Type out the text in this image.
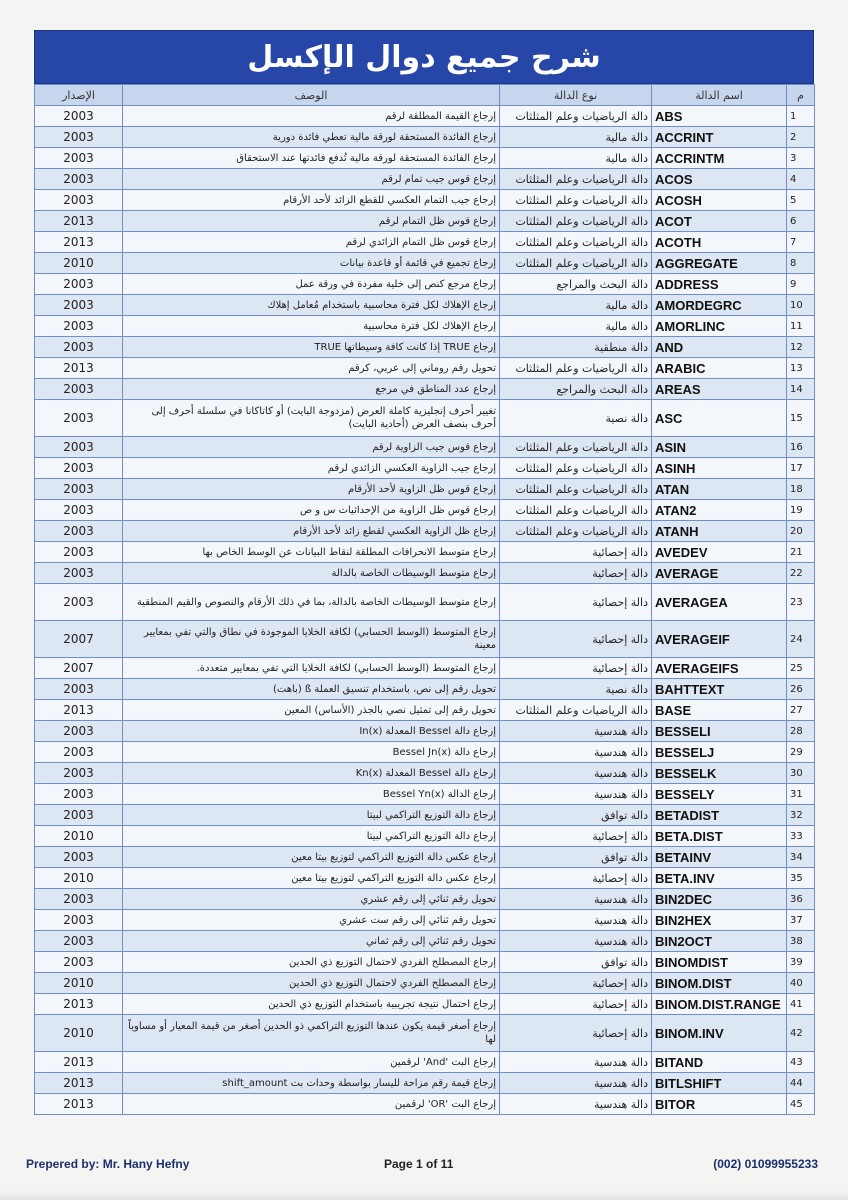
شرح جميع دوال الإكسل
م	اسم الدالة	نوع الدالة	الوصف	الإصدار
1	ABS	دالة الرياضيات وعلم المثلثات	إرجاع القيمة المطلقة لرقم	2003
2	ACCRINT	دالة مالية	إرجاع الفائدة المستحقة لورقة مالية تعطي فائدة دورية	2003
3	ACCRINTM	دالة مالية	إرجاع الفائدة المستحقة لورقة مالية تُدفع فائدتها عند الاستحقاق	2003
4	ACOS	دالة الرياضيات وعلم المثلثات	إرجاع قوس جيب تمام لرقم	2003
5	ACOSH	دالة الرياضيات وعلم المثلثات	إرجاع جيب التمام العكسي للقطع الزائد لأحد الأرقام	2003
6	ACOT	دالة الرياضيات وعلم المثلثات	إرجاع قوس ظل التمام لرقم	2013
7	ACOTH	دالة الرياضيات وعلم المثلثات	إرجاع قوس ظل التمام الزائدي لرقم	2013
8	AGGREGATE	دالة الرياضيات وعلم المثلثات	إرجاع تجميع في قائمة أو قاعدة بيانات	2010
9	ADDRESS	دالة البحث والمراجع	إرجاع مرجع كنص إلى خلية مفردة في ورقة عمل	2003
10	AMORDEGRC	دالة مالية	إرجاع الإهلاك لكل فترة محاسبية باستخدام مُعامل إهلاك	2003
11	AMORLINC	دالة مالية	إرجاع الإهلاك لكل فترة محاسبية	2003
12	AND	دالة منطقية	إرجاع TRUE إذا كانت كافة وسيطاتها TRUE	2003
13	ARABIC	دالة الرياضيات وعلم المثلثات	تحويل رقم روماني إلى عربي، كرقم	2013
14	AREAS	دالة البحث والمراجع	إرجاع عدد المناطق في مرجع	2003
15	ASC	دالة نصية	تغيير أحرف إنجليزية كاملة العرض (مزدوجة البايت) أو كاتاكانا في سلسلة أحرف إلى أحرف بنصف العرض (أحادية البايت)	2003
16	ASIN	دالة الرياضيات وعلم المثلثات	إرجاع قوس جيب الزاوية لرقم	2003
17	ASINH	دالة الرياضيات وعلم المثلثات	إرجاع جيب الزاوية العكسي الزائدي لرقم	2003
18	ATAN	دالة الرياضيات وعلم المثلثات	إرجاع قوس ظل الزاوية لأحد الأرقام	2003
19	ATAN2	دالة الرياضيات وعلم المثلثات	إرجاع قوس ظل الزاوية من الإحداثيات س و ص	2003
20	ATANH	دالة الرياضيات وعلم المثلثات	إرجاع ظل الزاوية العكسي لقطع زائد لأحد الأرقام	2003
21	AVEDEV	دالة إحصائية	إرجاع متوسط الانحرافات المطلقة لنقاط البيانات عن الوسط الخاص بها	2003
22	AVERAGE	دالة إحصائية	إرجاع متوسط الوسيطات الخاصة بالدالة	2003
23	AVERAGEA	دالة إحصائية	إرجاع متوسط الوسيطات الخاصة بالدالة، بما في ذلك الأرقام والنصوص والقيم المنطقية	2003
24	AVERAGEIF	دالة إحصائية	إرجاع المتوسط (الوسط الحسابي) لكافة الخلايا الموجودة في نطاق والتي تفي بمعايير معينة	2007
25	AVERAGEIFS	دالة إحصائية	إرجاع المتوسط (الوسط الحسابي) لكافة الخلايا التي تفي بمعايير متعددة.	2007
26	BAHTTEXT	دالة نصية	تحويل رقم إلى نص، باستخدام تنسيق العملة ß (باهت)	2003
27	BASE	دالة الرياضيات وعلم المثلثات	تحويل رقم إلى تمثيل نصي بالجذر (الأساس) المعين	2013
28	BESSELI	دالة هندسية	إرجاع دالة Bessel المعدلة In(x)	2003
29	BESSELJ	دالة هندسية	إرجاع دالة Bessel Jn(x)	2003
30	BESSELK	دالة هندسية	إرجاع دالة Bessel المعدلة Kn(x)	2003
31	BESSELY	دالة هندسية	إرجاع الدالة Bessel Yn(x)	2003
32	BETADIST	دالة توافق	إرجاع دالة التوزيع التراكمي لبيتا	2003
33	BETA.DIST	دالة إحصائية	إرجاع دالة التوزيع التراكمي لبيتا	2010
34	BETAINV	دالة توافق	إرجاع عكس دالة التوزيع التراكمي لتوزيع بيتا معين	2003
35	BETA.INV	دالة إحصائية	إرجاع عكس دالة التوزيع التراكمي لتوزيع بيتا معين	2010
36	BIN2DEC	دالة هندسية	تحويل رقم ثنائي إلى رقم عشري	2003
37	BIN2HEX	دالة هندسية	تحويل رقم ثنائي إلى رقم ست عشري	2003
38	BIN2OCT	دالة هندسية	تحويل رقم ثنائي إلى رقم ثماني	2003
39	BINOMDIST	دالة توافق	إرجاع المصطلح الفردي لاحتمال التوزيع ذي الحدين	2003
40	BINOM.DIST	دالة إحصائية	إرجاع المصطلح الفردي لاحتمال التوزيع ذي الحدين	2010
41	BINOM.DIST.RANGE	دالة إحصائية	إرجاع احتمال نتيجة تجريبية باستخدام التوزيع ذي الحدين	2013
42	BINOM.INV	دالة إحصائية	إرجاع أصغر قيمة يكون عندها التوزيع التراكمي ذو الحدين أصغر من قيمة المعيار أو مساوياً لها	2010
43	BITAND	دالة هندسية	إرجاع البت 'And' لرقمين	2013
44	BITLSHIFT	دالة هندسية	إرجاع قيمة رقم مزاحة لليسار بواسطة وحدات بت shift_amount	2013
45	BITOR	دالة هندسية	إرجاع البت 'OR' لرقمين	2013
Prepered by: Mr. Hany Hefny	Page 1 of 11	(002) 01099955233
